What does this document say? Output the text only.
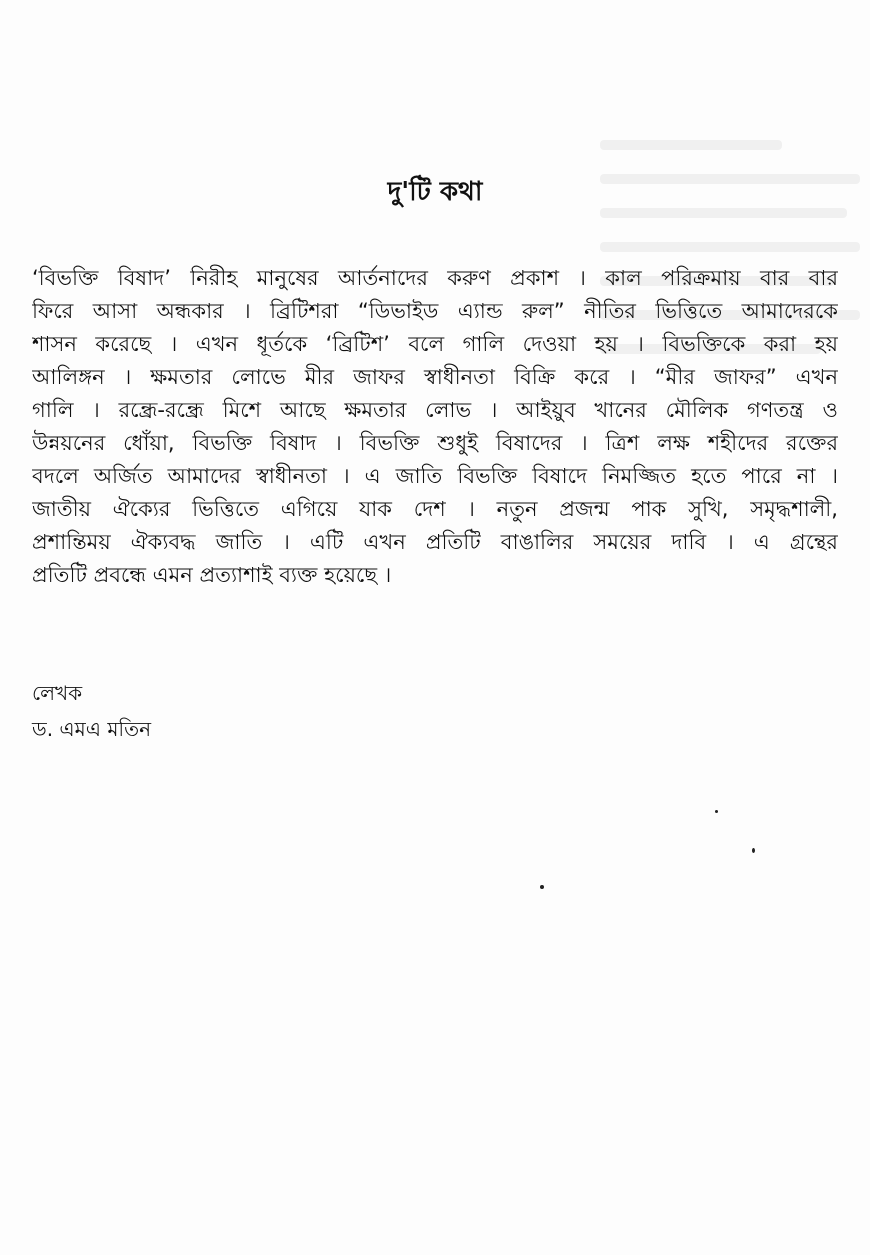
দু'টি কথা
‘বিভক্তি বিষাদ’ নিরীহ মানুষের আর্তনাদের করুণ প্রকাশ । কাল পরিক্রমায় বার বার
ফিরে আসা অন্ধকার । ব্রিটিশরা “ডিভাইড এ্যান্ড রুল” নীতির ভিত্তিতে আমাদেরকে
শাসন করেছে । এখন ধূর্তকে ‘ব্রিটিশ’ বলে গালি দেওয়া হয় । বিভক্তিকে করা হয়
আলিঙ্গন । ক্ষমতার লোভে মীর জাফর স্বাধীনতা বিক্রি করে । “মীর জাফর” এখন
গালি । রন্ধ্রে-রন্ধ্রে মিশে আছে ক্ষমতার লোভ । আইয়ুব খানের মৌলিক গণতন্ত্র ও
উন্নয়নের ধোঁয়া, বিভক্তি বিষাদ । বিভক্তি শুধুই বিষাদের । ত্রিশ লক্ষ শহীদের রক্তের
বদলে অর্জিত আমাদের স্বাধীনতা । এ জাতি বিভক্তি বিষাদে নিমজ্জিত হতে পারে না ।
জাতীয় ঐক্যের ভিত্তিতে এগিয়ে যাক দেশ । নতুন প্রজন্ম পাক সুখি, সমৃদ্ধশালী,
প্রশান্তিময় ঐক্যবদ্ধ জাতি । এটি এখন প্রতিটি বাঙালির সময়ের দাবি । এ গ্রন্থের
প্রতিটি প্রবন্ধে এমন প্রত্যাশাই ব্যক্ত হয়েছে ।
লেখক
ড. এমএ মতিন
